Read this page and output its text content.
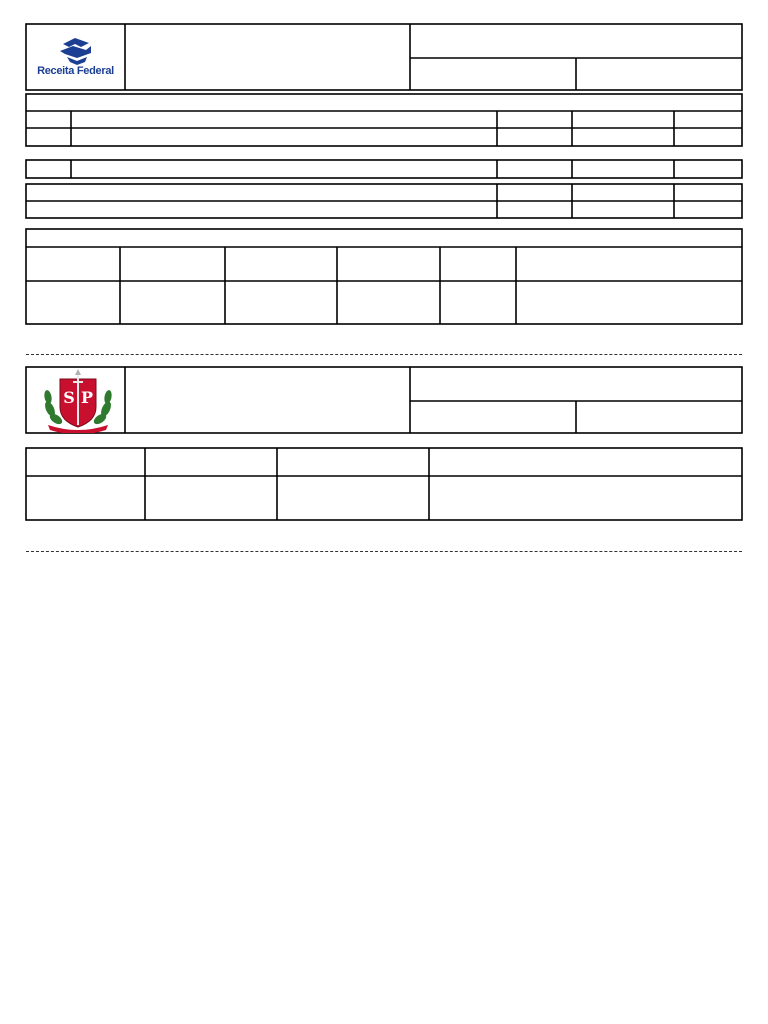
Receita Federal
S P
